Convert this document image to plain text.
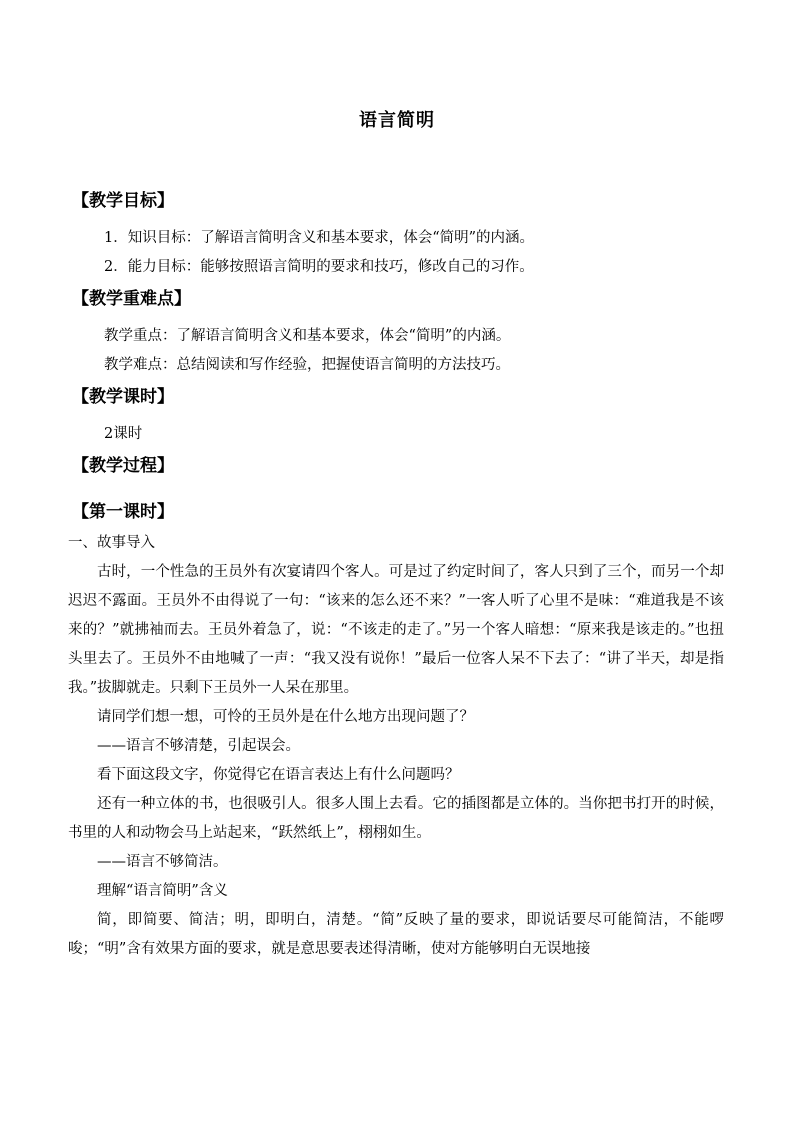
语言简明
【教学目标】
1．知识目标：了解语言简明含义和基本要求，体会“简明”的内涵。
2．能力目标：能够按照语言简明的要求和技巧，修改自己的习作。
【教学重难点】
教学重点：了解语言简明含义和基本要求，体会“简明”的内涵。
教学难点：总结阅读和写作经验，把握使语言简明的方法技巧。
【教学课时】
2课时
【教学过程】
【第一课时】
一、故事导入

古时，一个性急的王员外有次宴请四个客人。可是过了约定时间了，客人只到了三个，而另一个却迟迟不露面。王员外不由得说了一句：“该来的怎么还不来？”一客人听了心里不是味：“难道我是不该来的？”就拂袖而去。王员外着急了，说：“不该走的走了。”另一个客人暗想：“原来我是该走的。”也扭头里去了。王员外不由地喊了一声：“我又没有说你！”最后一位客人呆不下去了：“讲了半天，却是指我。”拔脚就走。只剩下王员外一人呆在那里。

请同学们想一想，可怜的王员外是在什么地方出现问题了？

——语言不够清楚，引起误会。

看下面这段文字，你觉得它在语言表达上有什么问题吗？

还有一种立体的书，也很吸引人。很多人围上去看。它的插图都是立体的。当你把书打开的时候，书里的人和动物会马上站起来，“跃然纸上”，栩栩如生。

——语言不够简洁。

理解“语言简明”含义

简，即简要、简洁；明，即明白，清楚。“简”反映了量的要求，即说话要尽可能简洁，不能啰唆；“明”含有效果方面的要求，就是意思要表述得清晰，使对方能够明白无误地接
